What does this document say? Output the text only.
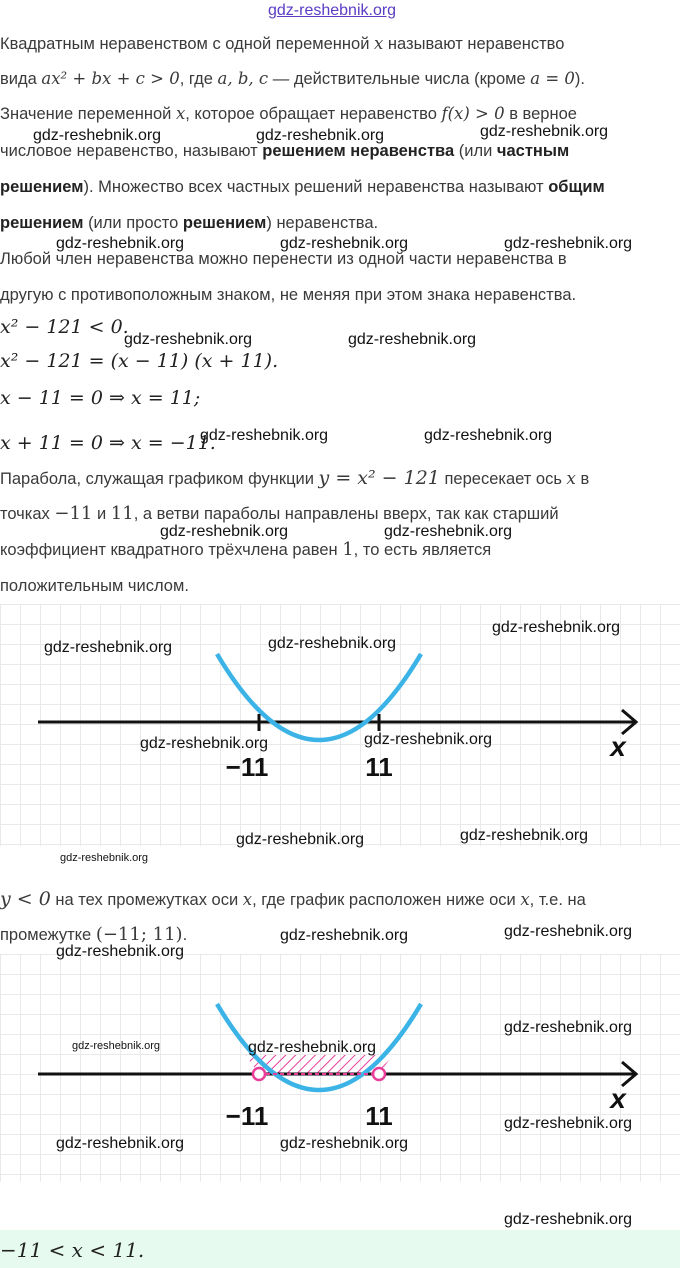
gdz-reshebnik.org
Квадратным неравенством с одной переменной x называют неравенство
вида ax² + bx + c > 0, где a, b, c — действительные числа (кроме a = 0).
Значение переменной x, которое обращает неравенство f(x) > 0 в верное
числовое неравенство, называют решением неравенства (или частным
решением). Множество всех частных решений неравенства называют общим
решением (или просто решением) неравенства.
Любой член неравенства можно перенести из одной части неравенства в
другую с противоположным знаком, не меняя при этом знака неравенства.
x² − 121 < 0.
x² − 121 = (x − 11) (x + 11).
x − 11 = 0 ⇒ x = 11;
x + 11 = 0 ⇒ x = −11.
Парабола, служащая графиком функции y = x² − 121 пересекает ось x в
точках −11 и 11, а ветви параболы направлены вверх, так как старший
коэффициент квадратного трёхчлена равен 1, то есть является
положительным числом.
−11	11
x
y < 0 на тех промежутках оси x, где график расположен ниже оси x, т.е. на
промежутке (−11; 11).
−11	11
x
−11 < x < 11.
gdz-reshebnik.org	gdz-reshebnik.org	gdz-reshebnik.org
gdz-reshebnik.org	gdz-reshebnik.org	gdz-reshebnik.org
gdz-reshebnik.org	gdz-reshebnik.org
gdz-reshebnik.org	gdz-reshebnik.org
gdz-reshebnik.org	gdz-reshebnik.org
gdz-reshebnik.org	gdz-reshebnik.org
gdz-reshebnik.org
gdz-reshebnik.org	gdz-reshebnik.org
gdz-reshebnik.org	gdz-reshebnik.org
gdz-reshebnik.org
gdz-reshebnik.org	gdz-reshebnik.org
gdz-reshebnik.org
gdz-reshebnik.org
gdz-reshebnik.org	gdz-reshebnik.org
gdz-reshebnik.org
gdz-reshebnik.org	gdz-reshebnik.org
gdz-reshebnik.org
